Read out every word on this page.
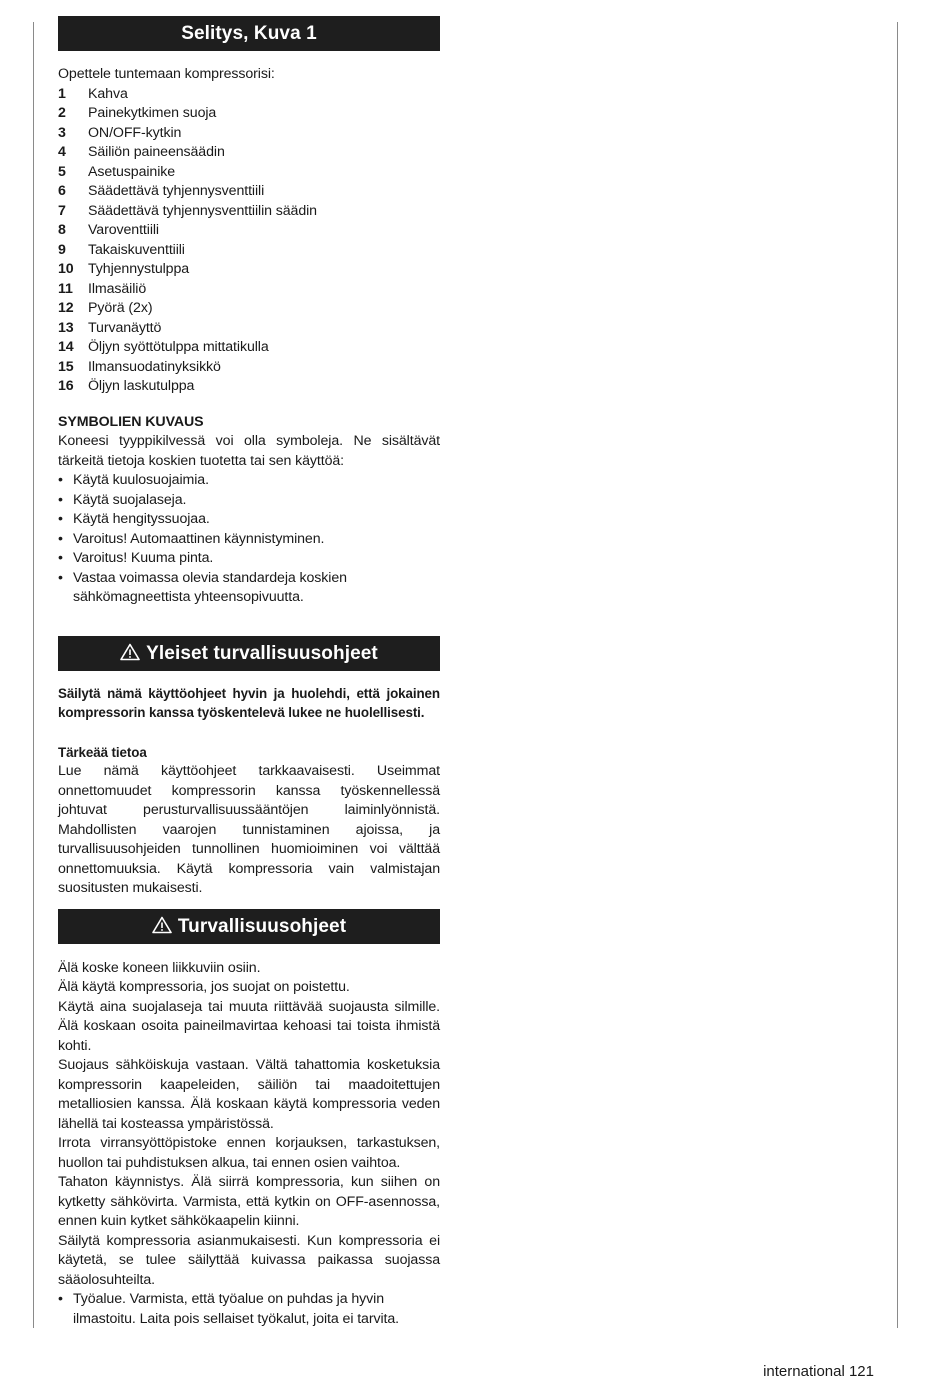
Selitys, Kuva 1

Opettele tuntemaan kompressorisi:

1	Kahva
2	Painekytkimen suoja
3	ON/OFF-kytkin
4	Säiliön paineensäädin
5	Asetuspainike
6	Säädettävä tyhjennysventtiili
7	Säädettävä tyhjennysventtiilin säädin
8	Varoventtiili
9	Takaiskuventtiili
10	Tyhjennystulppa
11	Ilmasäiliö
12	Pyörä (2x)
13	Turvanäyttö
14	Öljyn syöttötulppa mittatikulla
15	Ilmansuodatinyksikkö
16	Öljyn laskutulppa
SYMBOLIEN KUVAUS

Koneesi tyyppikilvessä voi olla symboleja. Ne sisältävät tärkeitä tietoja koskien tuotetta tai sen käyttöä:

• Käytä kuulosuojaimia.
• Käytä suojalaseja.
• Käytä hengityssuojaa.
• Varoitus! Automaattinen käynnistyminen.
• Varoitus! Kuuma pinta.
• Vastaa voimassa olevia standardeja koskien sähkömagneettista yhteensopivuutta.
Yleiset turvallisuusohjeet

Säilytä nämä käyttöohjeet hyvin ja huolehdi, että jokainen kompressorin kanssa työskentelevä lukee ne huolellisesti.

Tärkeää tietoa

Lue nämä käyttöohjeet tarkkaavaisesti. Useimmat onnettomuudet kompressorin kanssa työskennellessä johtuvat perusturvallisuussääntöjen laiminlyönnistä. Mahdollisten vaarojen tunnistaminen ajoissa, ja turvallisuusohjeiden tunnollinen huomioiminen voi välttää onnettomuuksia. Käytä kompressoria vain valmistajan suositusten mukaisesti.

Turvallisuusohjeet

Älä koske koneen liikkuviin osiin.

Älä käytä kompressoria, jos suojat on poistettu.

Käytä aina suojalaseja tai muuta riittävää suojausta silmille. Älä koskaan osoita paineilmavirtaa kehoasi tai toista ihmistä kohti.

Suojaus sähköiskuja vastaan. Vältä tahattomia kosketuksia kompressorin kaapeleiden, säiliön tai maadoitettujen metalliosien kanssa. Älä koskaan käytä kompressoria veden lähellä tai kosteassa ympäristössä.

Irrota virransyöttöpistoke ennen korjauksen, tarkastuksen, huollon tai puhdistuksen alkua, tai ennen osien vaihtoa.

Tahaton käynnistys. Älä siirrä kompressoria, kun siihen on kytketty sähkövirta. Varmista, että kytkin on OFF-asennossa, ennen kuin kytket sähkökaapelin kiinni.

Säilytä kompressoria asianmukaisesti. Kun kompressoria ei käytetä, se tulee säilyttää kuivassa paikassa suojassa sääolosuhteilta.

• Työalue. Varmista, että työalue on puhdas ja hyvin ilmastoitu. Laita pois sellaiset työkalut, joita ei tarvita.
international 121
